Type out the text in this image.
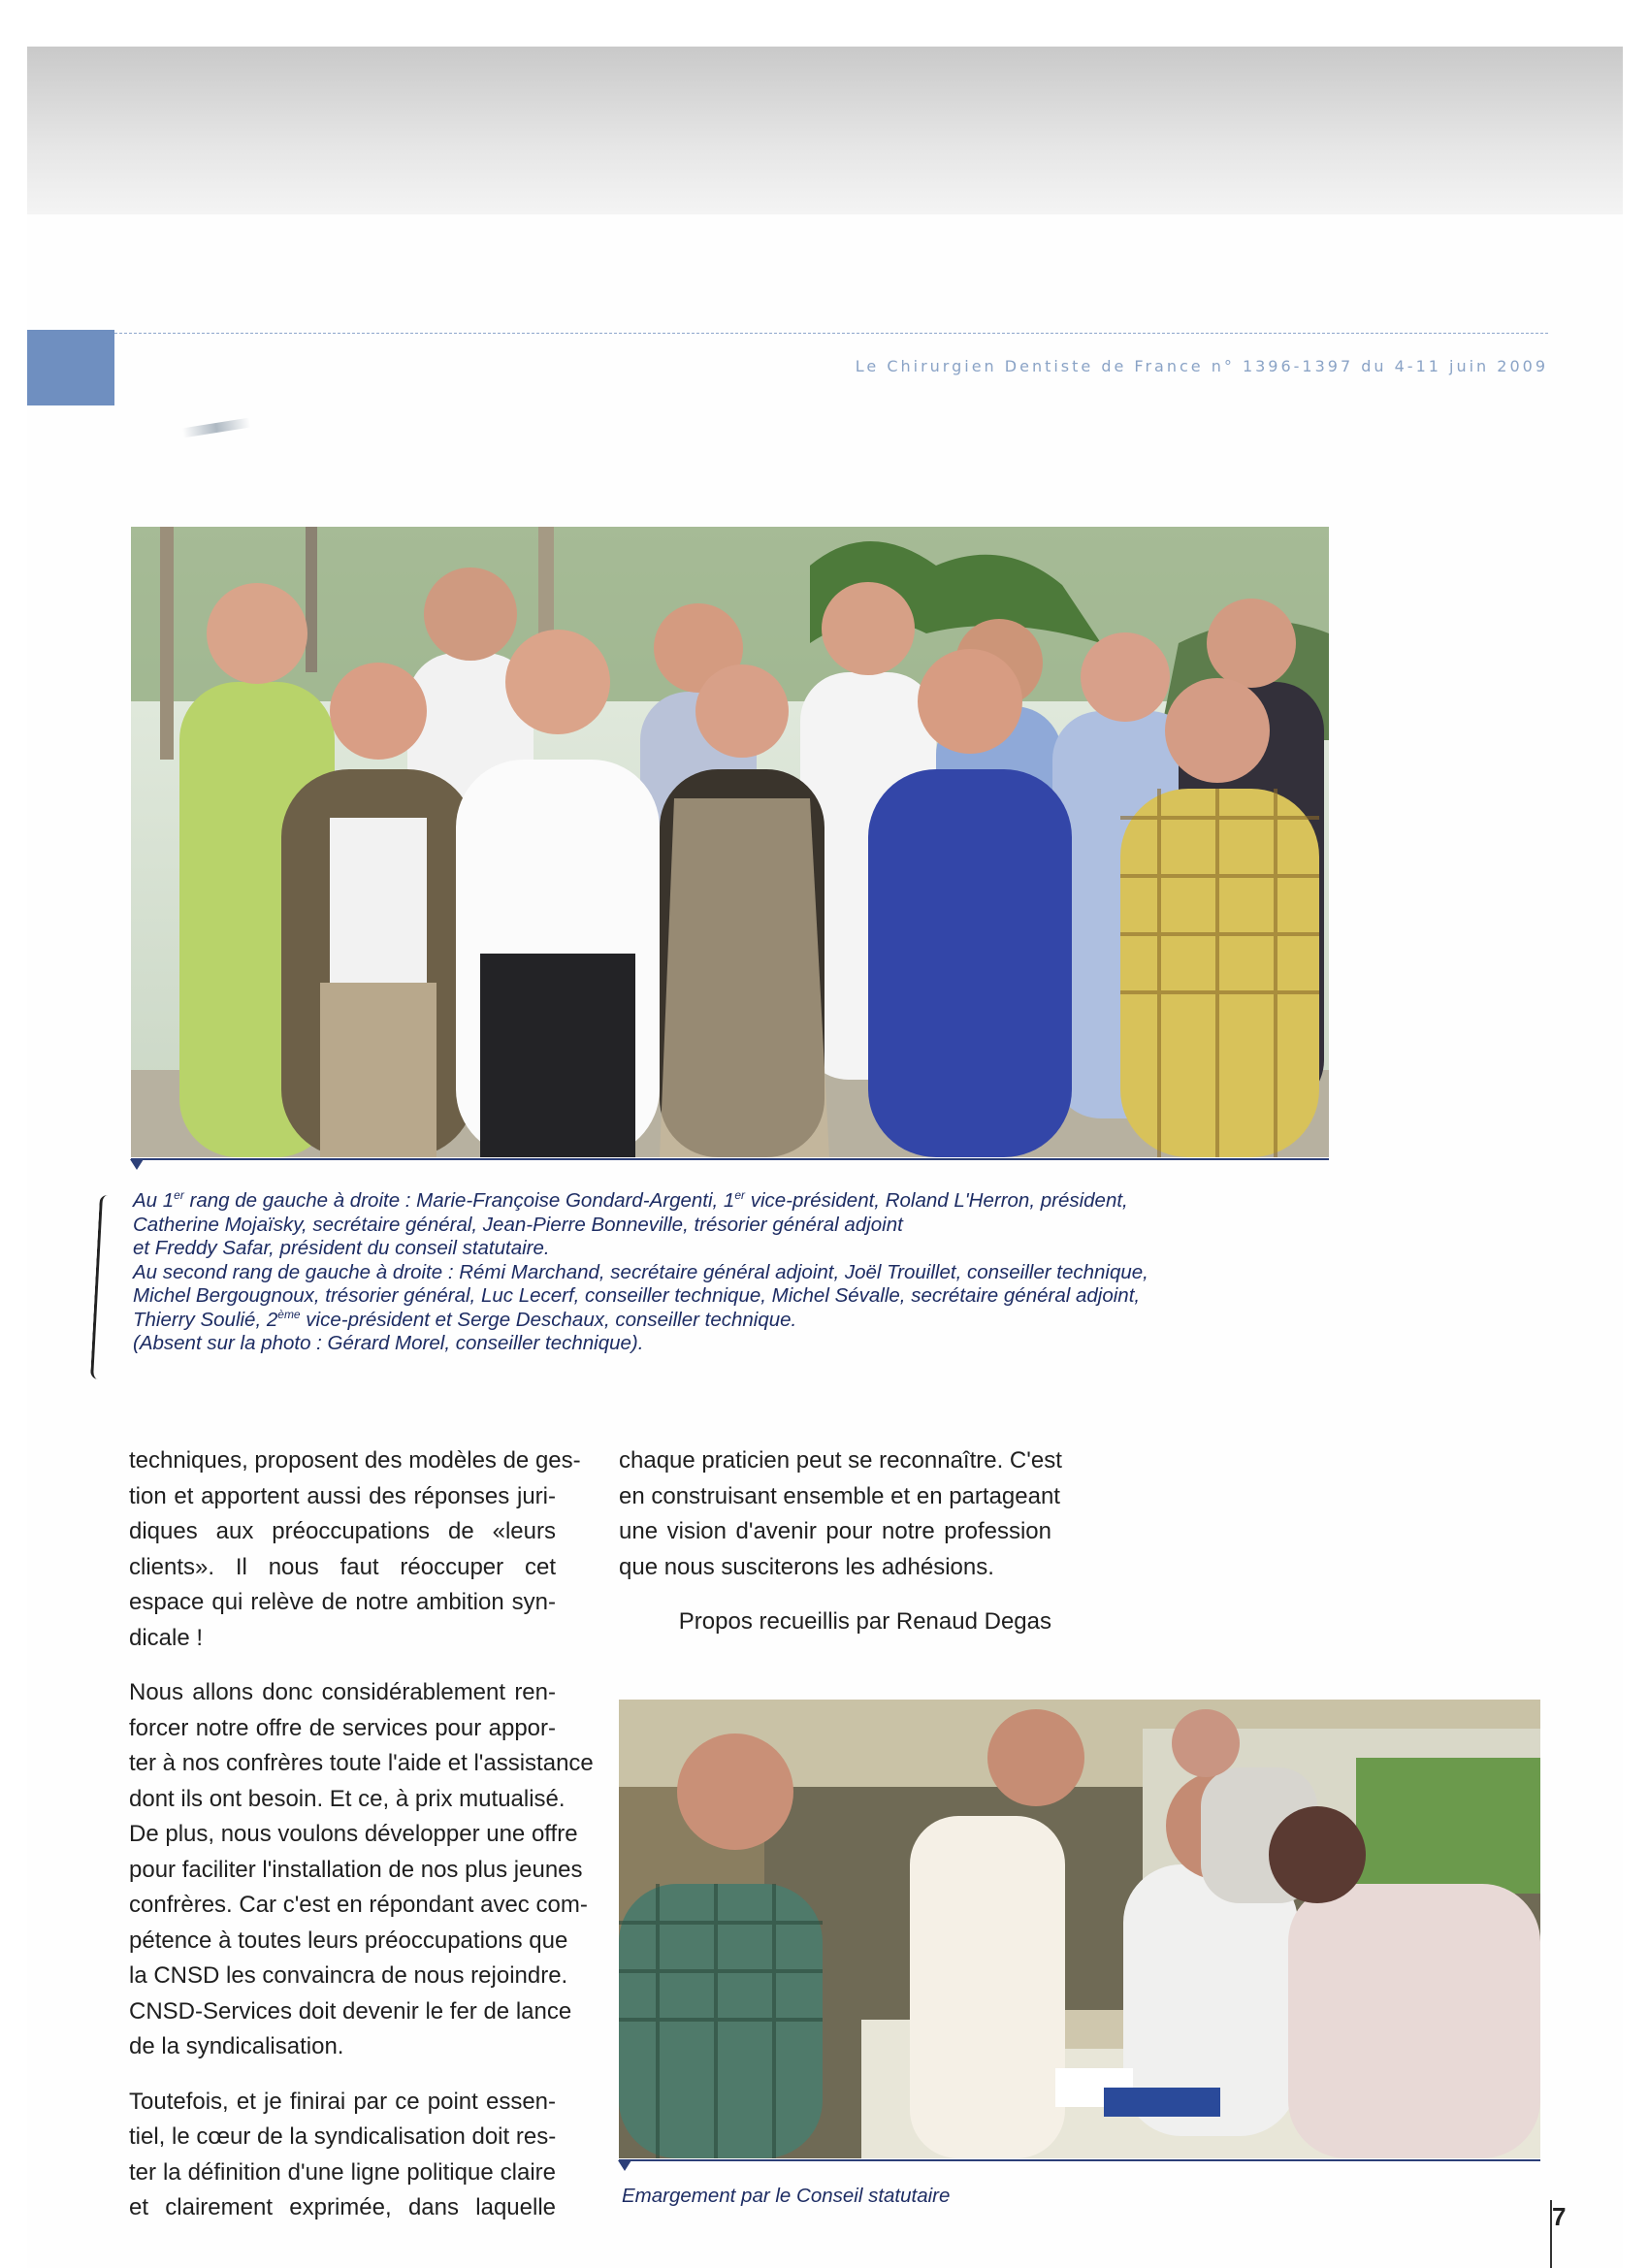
Le Chirurgien Dentiste de France n° 1396-1397 du 4-11 juin 2009
Au 1er rang de gauche à droite : Marie-Françoise Gondard-Argenti, 1er vice-président, Roland L'Herron, président,
Catherine Mojaïsky, secrétaire général, Jean-Pierre Bonneville, trésorier général adjoint
et Freddy Safar, président du conseil statutaire.
Au second rang de gauche à droite : Rémi Marchand, secrétaire général adjoint, Joël Trouillet, conseiller technique,
Michel Bergougnoux, trésorier général, Luc Lecerf, conseiller technique, Michel Sévalle, secrétaire général adjoint,
Thierry Soulié, 2ème vice-président et Serge Deschaux, conseiller technique.
(Absent sur la photo : Gérard Morel, conseiller technique).

techniques, proposent des modèles de ges-
tion et apportent aussi des réponses juri-
diques aux préoccupations de «leurs
clients». Il nous faut réoccuper cet
espace qui relève de notre ambition syn-
dicale !

Nous allons donc considérablement ren-
forcer notre offre de services pour appor-
ter à nos confrères toute l'aide et l'assistance
dont ils ont besoin. Et ce, à prix mutualisé.
De plus, nous voulons développer une offre
pour faciliter l'installation de nos plus jeunes
confrères. Car c'est en répondant avec com-
pétence à toutes leurs préoccupations que
la CNSD les convaincra de nous rejoindre.
CNSD-Services doit devenir le fer de lance
de la syndicalisation.

Toutefois, et je finirai par ce point essen-
tiel, le cœur de la syndicalisation doit res-
ter la définition d'une ligne politique claire
et clairement exprimée, dans laquelle

chaque praticien peut se reconnaître. C'est
en construisant ensemble et en partageant
une vision d'avenir pour notre profession
que nous susciterons les adhésions.
Propos recueillis par Renaud Degas
Emargement par le Conseil statutaire
7
